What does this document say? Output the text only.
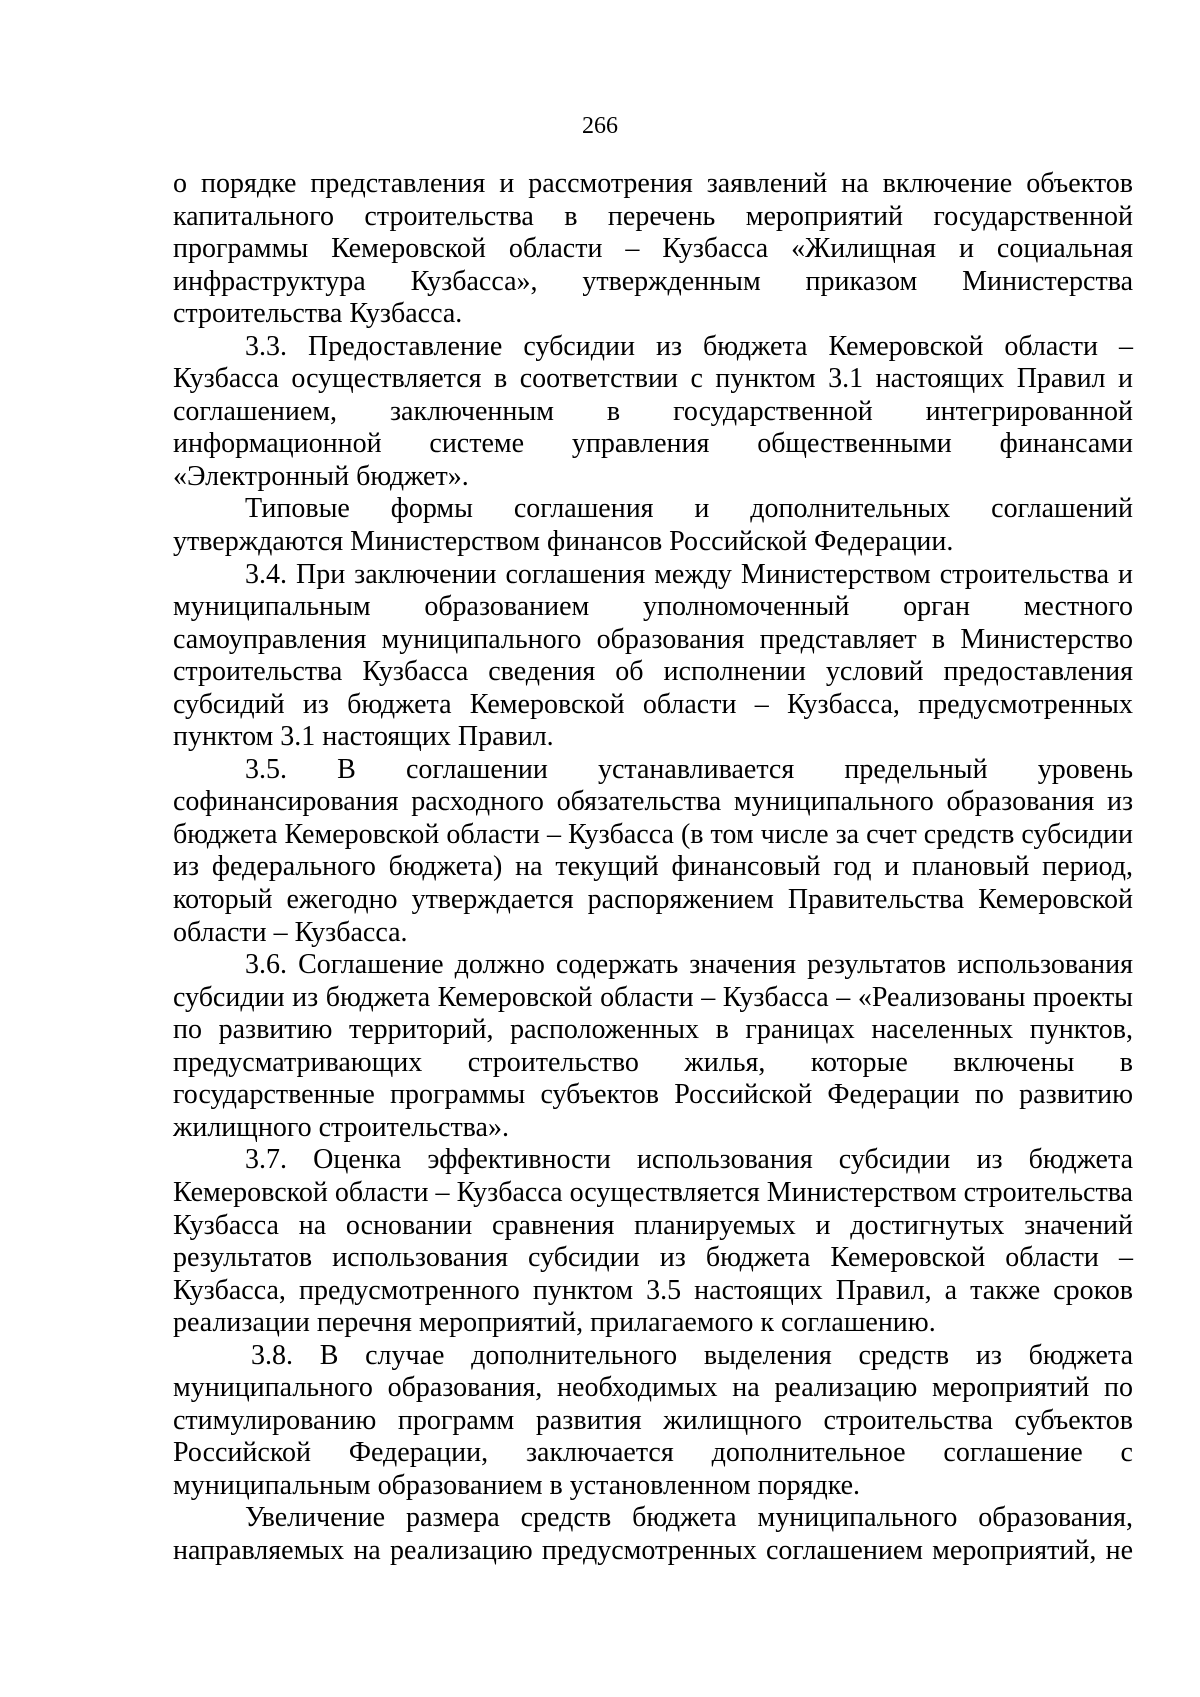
266

о порядке представления и рассмотрения заявлений на включение объектов капитального строительства в перечень мероприятий государственной программы Кемеровской области – Кузбасса «Жилищная и социальная инфраструктура Кузбасса», утвержденным приказом Министерства строительства Кузбасса.

3.3. Предоставление субсидии из бюджета Кемеровской области – Кузбасса осуществляется в соответствии с пунктом 3.1 настоящих Правил и соглашением, заключенным в государственной интегрированной информационной системе управления общественными финансами «Электронный бюджет».

Типовые формы соглашения и дополнительных соглашений утверждаются Министерством финансов Российской Федерации.

3.4. При заключении соглашения между Министерством строительства и муниципальным образованием уполномоченный орган местного самоуправления муниципального образования представляет в Министерство строительства Кузбасса сведения об исполнении условий предоставления субсидий из бюджета Кемеровской области – Кузбасса, предусмотренных пунктом 3.1 настоящих Правил.

3.5. В соглашении устанавливается предельный уровень софинансирования расходного обязательства муниципального образования из бюджета Кемеровской области – Кузбасса (в том числе за счет средств субсидии из федерального бюджета) на текущий финансовый год и плановый период, который ежегодно утверждается распоряжением Правительства Кемеровской области – Кузбасса.

3.6. Соглашение должно содержать значения результатов использования субсидии из бюджета Кемеровской области – Кузбасса – «Реализованы проекты по развитию территорий, расположенных в границах населенных пунктов, предусматривающих строительство жилья, которые включены в государственные программы субъектов Российской Федерации по развитию жилищного строительства».

3.7. Оценка эффективности использования субсидии из бюджета Кемеровской области – Кузбасса осуществляется Министерством строительства Кузбасса на основании сравнения планируемых и достигнутых значений результатов использования субсидии из бюджета Кемеровской области – Кузбасса, предусмотренного пунктом 3.5 настоящих Правил, а также сроков реализации перечня мероприятий, прилагаемого к соглашению.

3.8. В случае дополнительного выделения средств из бюджета муниципального образования, необходимых на реализацию мероприятий по стимулированию программ развития жилищного строительства субъектов Российской Федерации, заключается дополнительное соглашение с муниципальным образованием в установленном порядке.

Увеличение размера средств бюджета муниципального образования, направляемых на реализацию предусмотренных соглашением мероприятий, не
